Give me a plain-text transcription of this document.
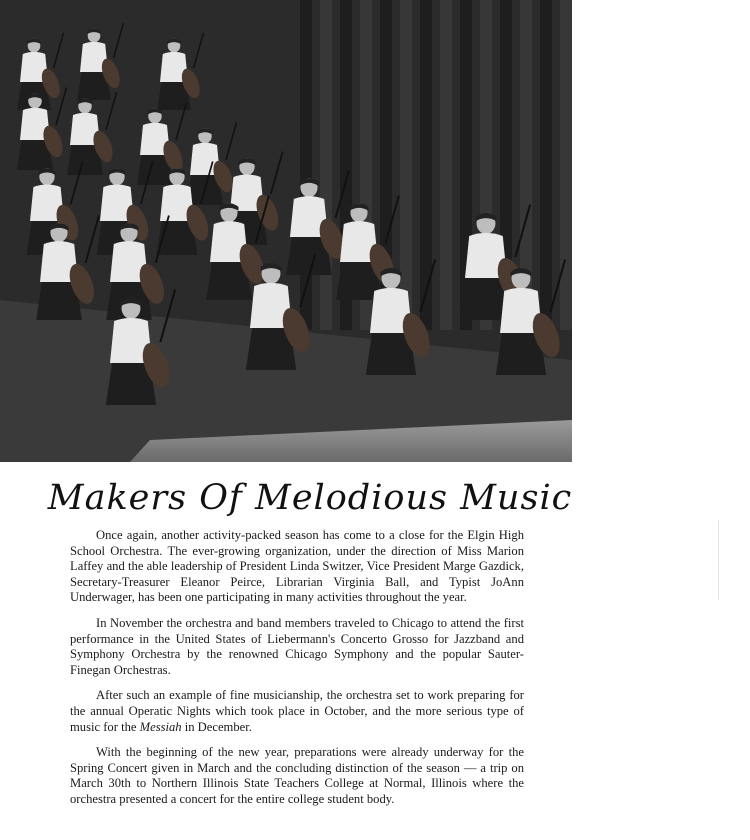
Makers Of Melodious Music

Once again, another activity-packed season has come to a close for the Elgin High School Orchestra. The ever-growing organization, under the direction of Miss Marion Laffey and the able leadership of President Linda Switzer, Vice President Marge Gazdick, Secretary-Treasurer Eleanor Peirce, Librarian Virginia Ball, and Typist JoAnn Underwager, has been one participating in many activities throughout the year.

In November the orchestra and band members traveled to Chicago to attend the first performance in the United States of Liebermann's Concerto Grosso for Jazzband and Symphony Orchestra by the renowned Chicago Symphony and the popular Sauter-Finegan Orchestras.

After such an example of fine musicianship, the orchestra set to work preparing for the annual Operatic Nights which took place in October, and the more serious type of music for the Messiah in December.

With the beginning of the new year, preparations were already underway for the Spring Concert given in March and the concluding distinction of the season — a trip on March 30th to Northern Illinois State Teachers College at Normal, Illinois where the orchestra presented a concert for the entire college student body.
